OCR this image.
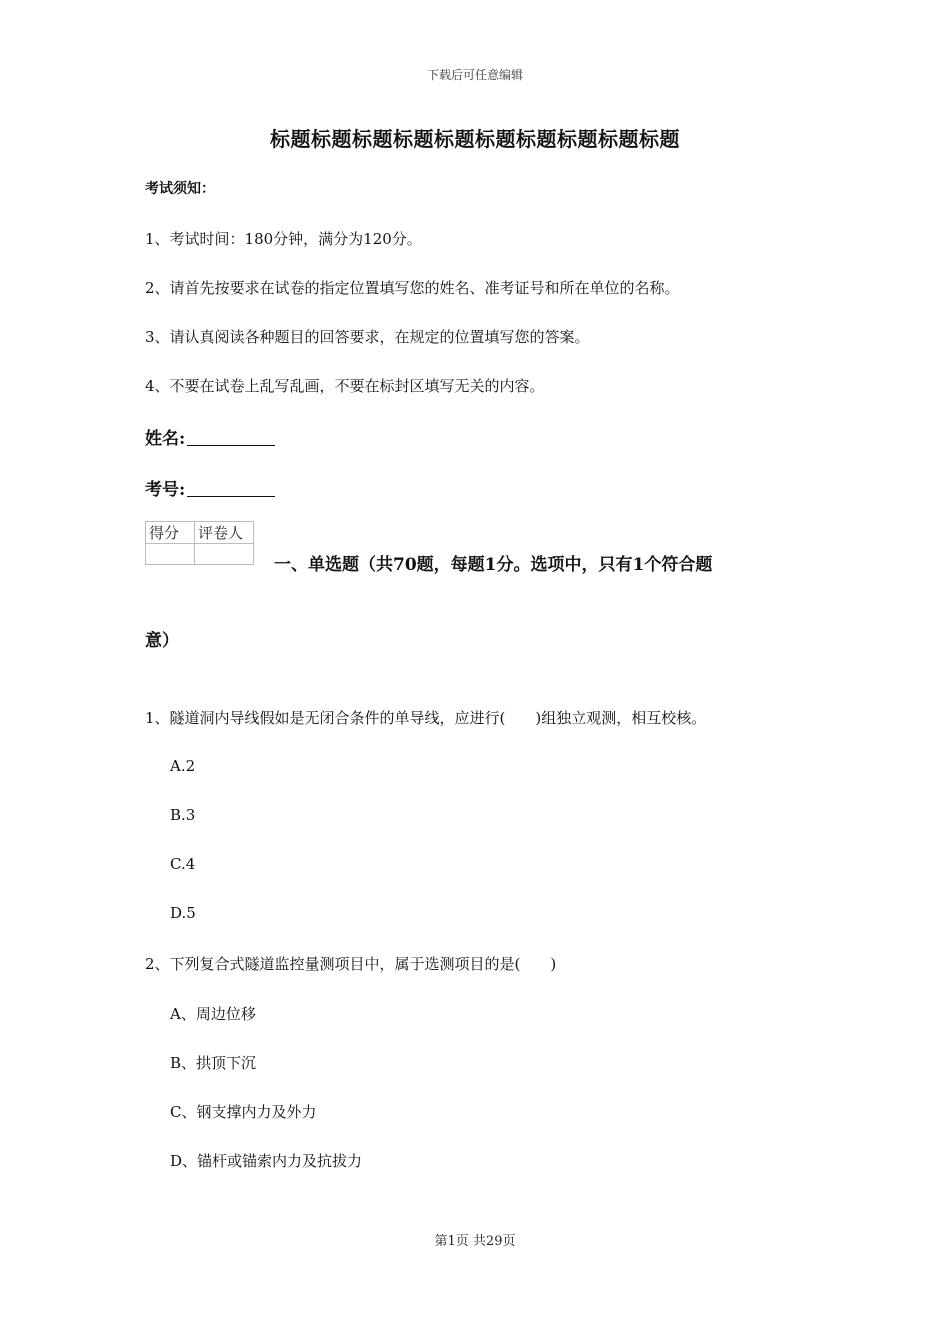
下载后可任意编辑
标题标题标题标题标题标题标题标题标题标题
考试须知：
1、考试时间：180分钟，满分为120分。
2、请首先按要求在试卷的指定位置填写您的姓名、准考证号和所在单位的名称。
3、请认真阅读各种题目的回答要求，在规定的位置填写您的答案。
4、不要在试卷上乱写乱画，不要在标封区填写无关的内容。
姓名:
考号:
得分	评卷人

一、单选题（共70题，每题1分。选项中，只有1个符合题
意）
1、隧道洞内导线假如是无闭合条件的单导线，应进行(　　)组独立观测，相互校核。
A.2
B.3
C.4
D.5
2、下列复合式隧道监控量测项目中，属于选测项目的是(　　)
A、周边位移
B、拱顶下沉
C、钢支撑内力及外力
D、锚杆或锚索内力及抗拔力
第1页 共29页
